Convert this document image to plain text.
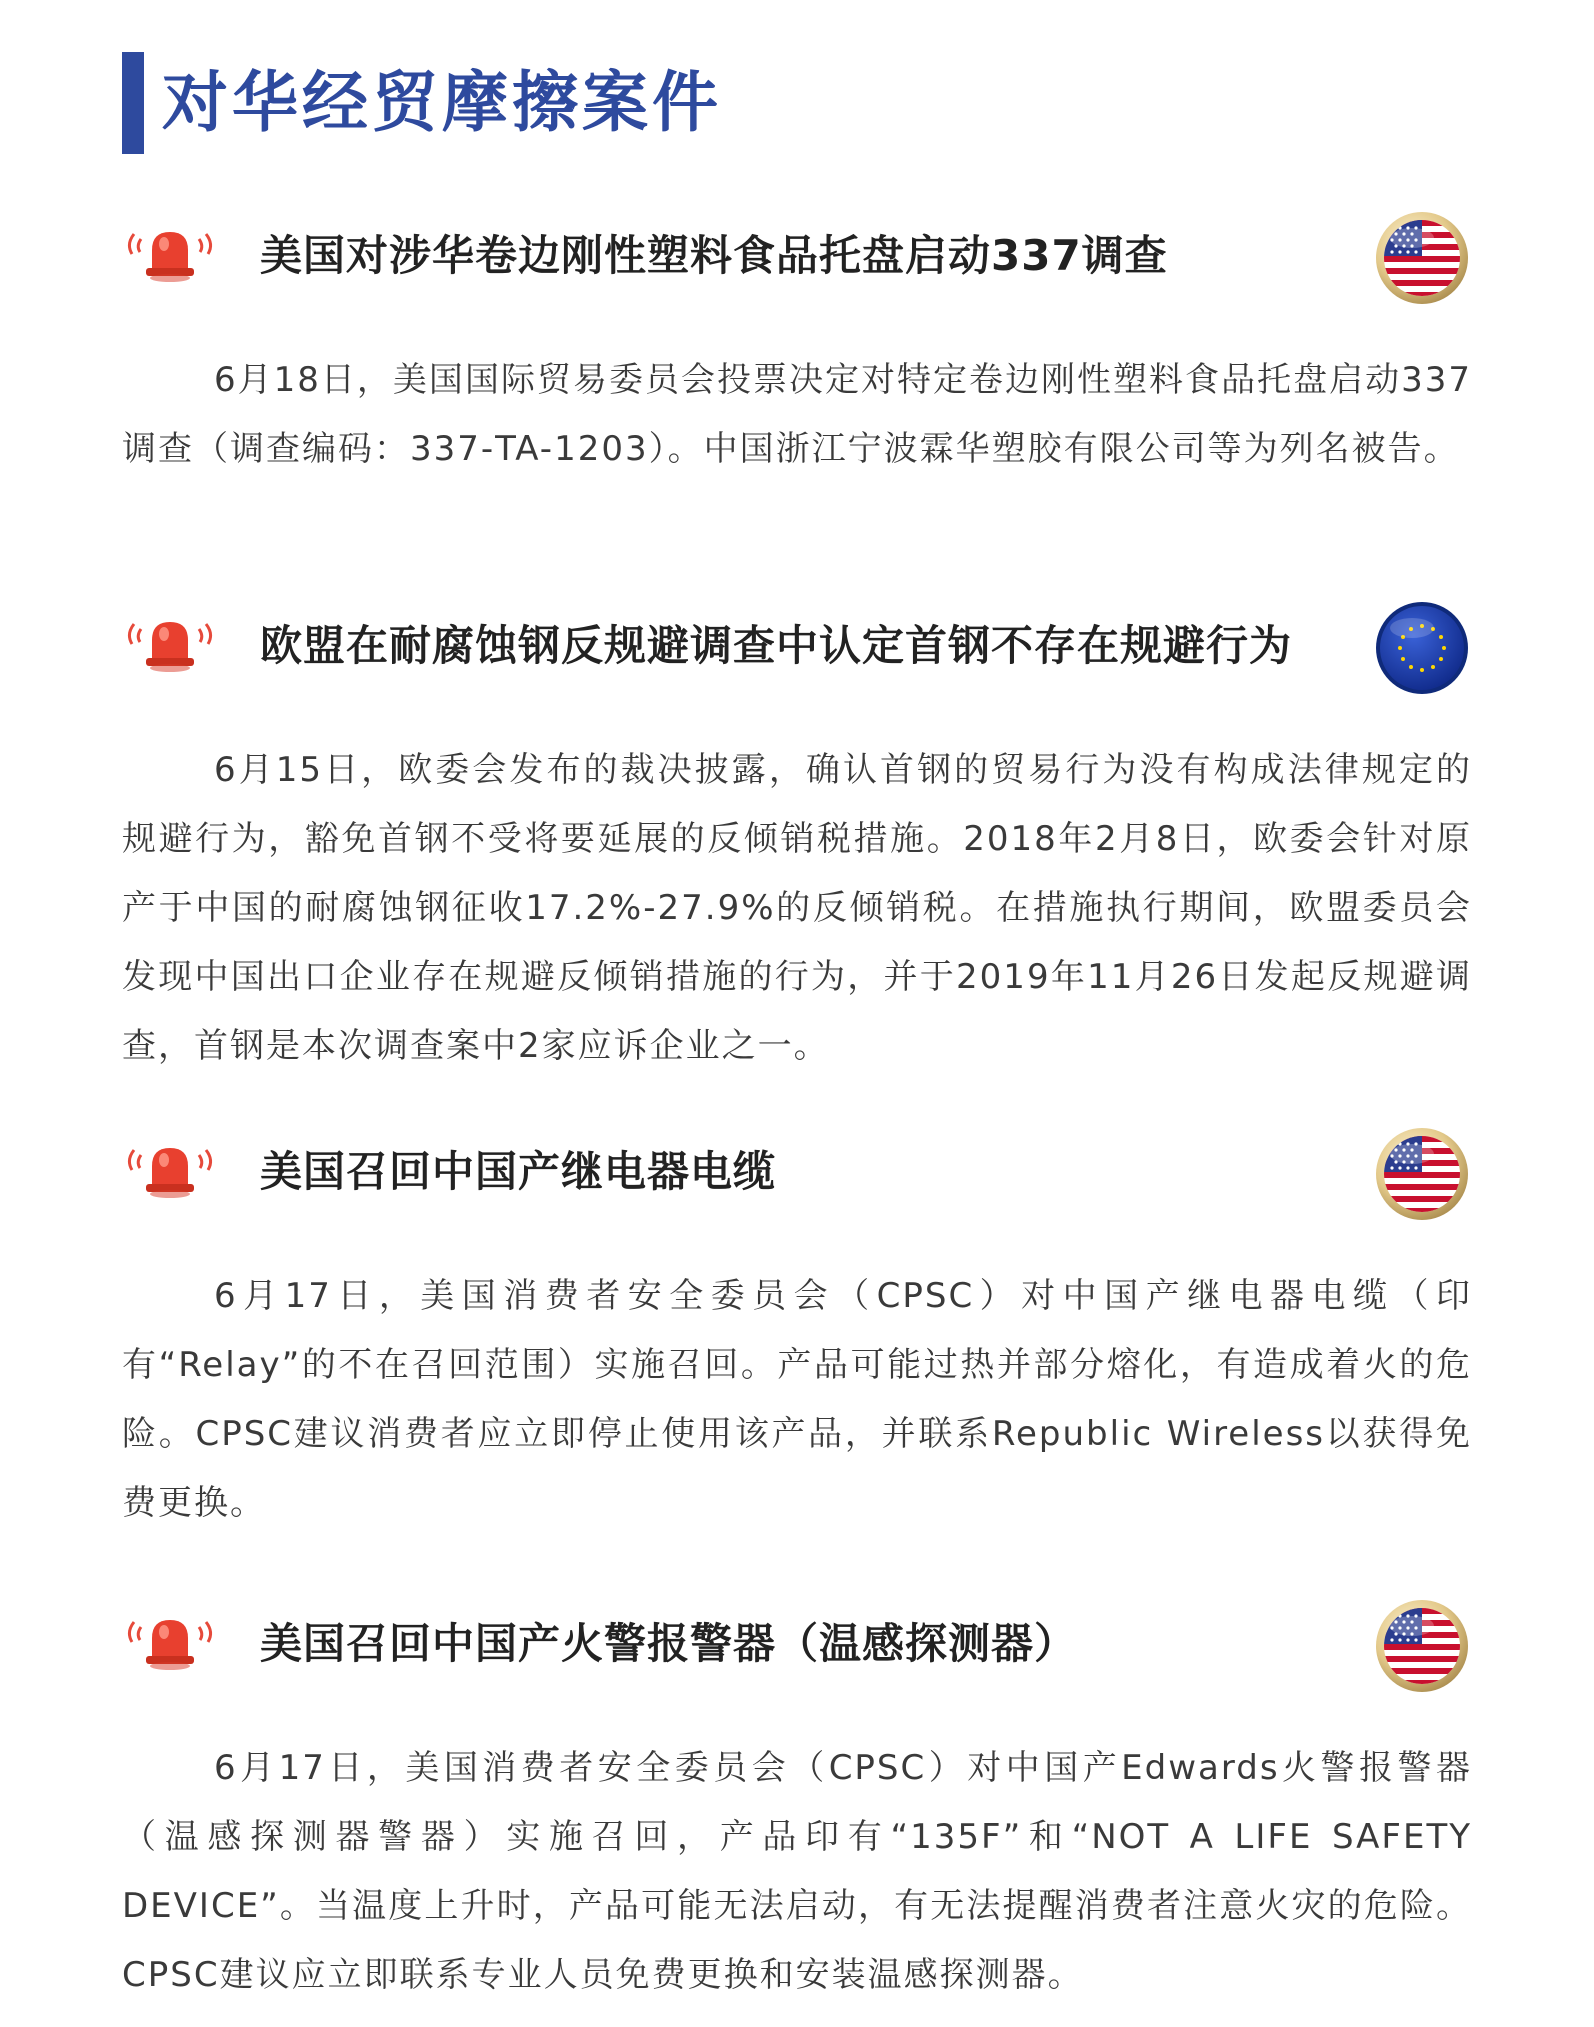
对华经贸摩擦案件
美国对涉华卷边刚性塑料食品托盘启动337调查
6月18日，美国国际贸易委员会投票决定对特定卷边刚性塑料食品托盘启动337调查（调查编码：337-TA-1203）。中国浙江宁波霖华塑胶有限公司等为列名被告。
欧盟在耐腐蚀钢反规避调查中认定首钢不存在规避行为
6月15日，欧委会发布的裁决披露，确认首钢的贸易行为没有构成法律规定的规避行为，豁免首钢不受将要延展的反倾销税措施。2018年2月8日，欧委会针对原产于中国的耐腐蚀钢征收17.2%-27.9%的反倾销税。在措施执行期间，欧盟委员会发现中国出口企业存在规避反倾销措施的行为，并于2019年11月26日发起反规避调查，首钢是本次调查案中2家应诉企业之一。
美国召回中国产继电器电缆
6月17日，美国消费者安全委员会（CPSC）对中国产继电器电缆（印有“Relay”的不在召回范围）实施召回。产品可能过热并部分熔化，有造成着火的危险。CPSC建议消费者应立即停止使用该产品，并联系Republic Wireless以获得免费更换。
美国召回中国产火警报警器（温感探测器）
6月17日，美国消费者安全委员会（CPSC）对中国产Edwards火警报警器（温感探测器警器）实施召回，产品印有“135F”和“NOT A LIFE SAFETY DEVICE”。当温度上升时，产品可能无法启动，有无法提醒消费者注意火灾的危险。CPSC建议应立即联系专业人员免费更换和安装温感探测器。
